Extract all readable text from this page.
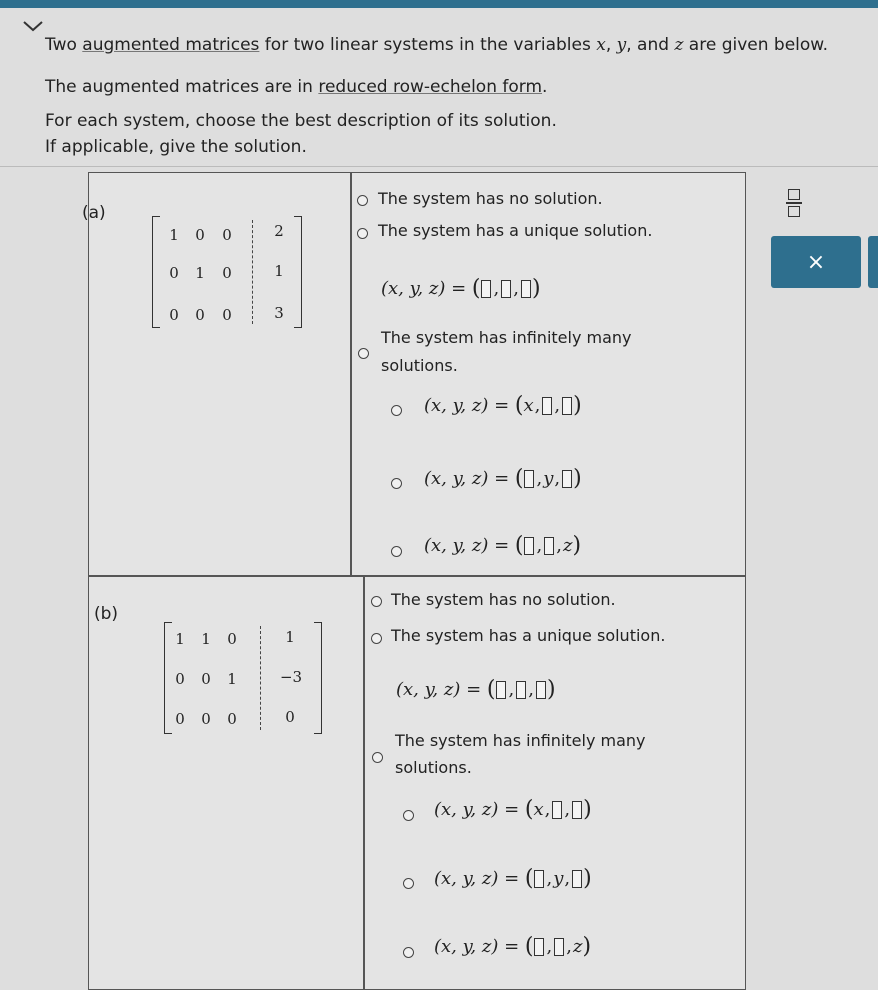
Two augmented matrices for two linear systems in the variables x, y, and z are given below.
The augmented matrices are in reduced row-echelon form.
For each system, choose the best description of its solution.
If applicable, give the solution.
(a)
1	0	0	2
0	1	0	1
0	0	0	3
The system has no solution.
The system has a unique solution.
(x, y, z) =
( , , )
The system has infinitely many
solutions.
(x, y, z) =
( x , , )
(x, y, z) =
( , y , )
(x, y, z) =
( , , z )
(b)
1	1	0	1
0	0	1	−3
0	0	0	0
The system has no solution.
The system has a unique solution.
(x, y, z) =
( , , )
The system has infinitely many
solutions.
(x, y, z) =
( x , , )
(x, y, z) =
( , y , )
(x, y, z) =
( , , z )
×
